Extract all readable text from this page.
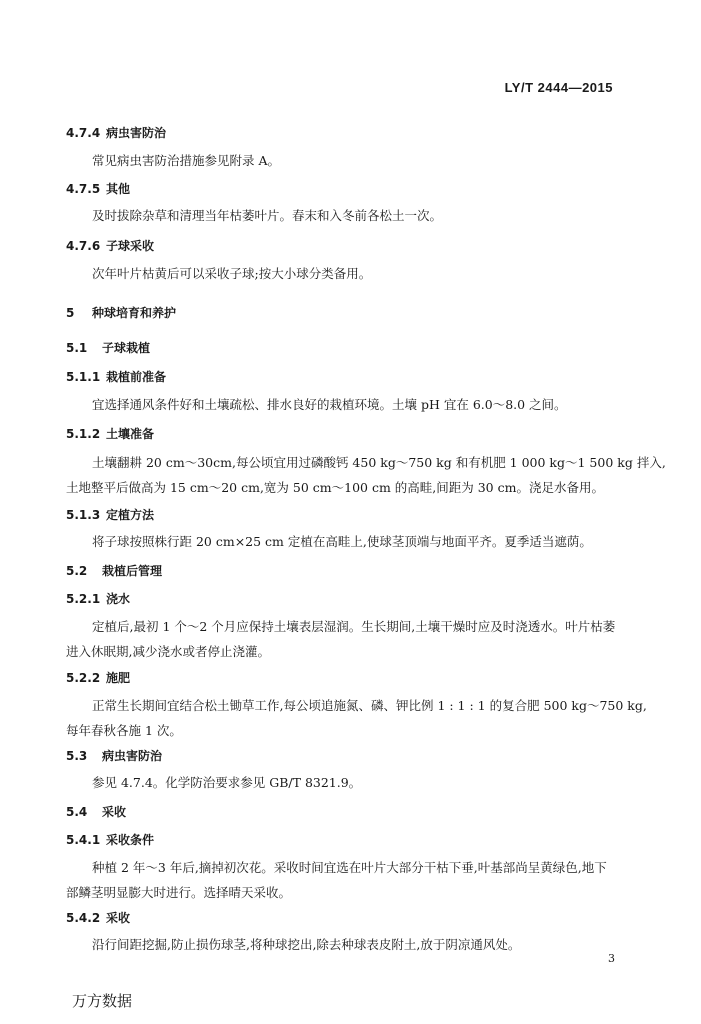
LY/T 2444—2015
4.7.4 病虫害防治
常见病虫害防治措施参见附录 A。
4.7.5 其他
及时拔除杂草和清理当年枯萎叶片。春末和入冬前各松土一次。
4.7.6 子球采收
次年叶片枯黄后可以采收子球;按大小球分类备用。
5 种球培育和养护
5.1 子球栽植
5.1.1 栽植前准备
宜选择通风条件好和土壤疏松、排水良好的栽植环境。土壤 pH 宜在 6.0～8.0 之间。
5.1.2 土壤准备
土壤翻耕 20 cm～30cm,每公顷宜用过磷酸钙 450 kg～750 kg 和有机肥 1 000 kg～1 500 kg 拌入,
土地整平后做高为 15 cm～20 cm,宽为 50 cm～100 cm 的高畦,间距为 30 cm。浇足水备用。
5.1.3 定植方法
将子球按照株行距 20 cm×25 cm 定植在高畦上,使球茎顶端与地面平齐。夏季适当遮荫。
5.2 栽植后管理
5.2.1 浇水
定植后,最初 1 个～2 个月应保持土壤表层湿润。生长期间,土壤干燥时应及时浇透水。叶片枯萎
进入休眠期,减少浇水或者停止浇灌。
5.2.2 施肥
正常生长期间宜结合松土锄草工作,每公顷追施氮、磷、钾比例 1 : 1 : 1 的复合肥 500 kg～750 kg,
每年春秋各施 1 次。
5.3 病虫害防治
参见 4.7.4。化学防治要求参见 GB/T 8321.9。
5.4 采收
5.4.1 采收条件
种植 2 年～3 年后,摘掉初次花。采收时间宜选在叶片大部分干枯下垂,叶基部尚呈黄绿色,地下
部鳞茎明显膨大时进行。选择晴天采收。
5.4.2 采收
沿行间距挖掘,防止损伤球茎,将种球挖出,除去种球表皮附土,放于阴凉通风处。
3
万方数据
